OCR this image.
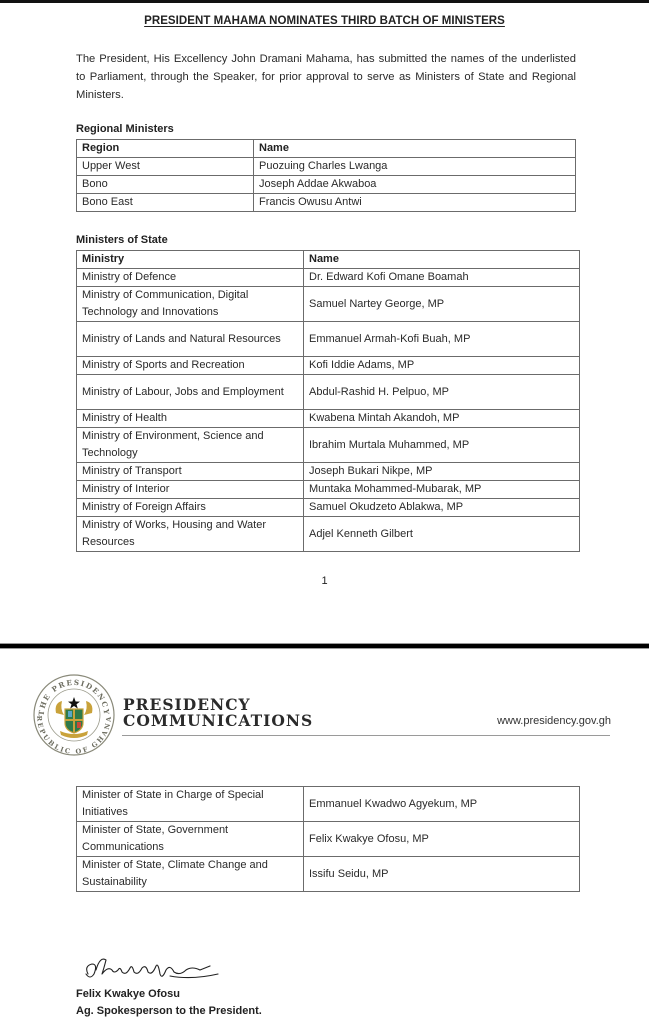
PRESIDENT MAHAMA NOMINATES THIRD BATCH OF MINISTERS

The President, His Excellency John Dramani Mahama, has submitted the names of the underlisted to Parliament, through the Speaker, for prior approval to serve as Ministers of State and Regional Ministers.

Regional Ministers
Region	Name
Upper West	Puozuing Charles Lwanga
Bono	Joseph Addae Akwaboa
Bono East	Francis Owusu Antwi
Ministers of State
Ministry	Name
Ministry of Defence	Dr. Edward Kofi Omane Boamah
Ministry of Communication, Digital Technology and Innovations	Samuel Nartey George, MP
Ministry of Lands and Natural Resources	Emmanuel Armah-Kofi Buah, MP
Ministry of Sports and Recreation	Kofi Iddie Adams, MP
Ministry of Labour, Jobs and Employment	Abdul-Rashid H. Pelpuo, MP
Ministry of Health	Kwabena Mintah Akandoh, MP
Ministry of Environment, Science and Technology	Ibrahim Murtala Muhammed, MP
Ministry of Transport	Joseph Bukari Nikpe, MP
Ministry of Interior	Muntaka Mohammed-Mubarak, MP
Ministry of Foreign Affairs	Samuel Okudzeto Ablakwa, MP
Ministry of Works, Housing and Water Resources	Adjel Kenneth Gilbert
1
THE PRESIDENCY
REPUBLIC OF GHANA
PRESIDENCY
COMMUNICATIONS	www.presidency.gov.gh
Minister of State in Charge of Special Initiatives	Emmanuel Kwadwo Agyekum, MP
Minister of State, Government Communications	Felix Kwakye Ofosu, MP
Minister of State, Climate Change and Sustainability	Issifu Seidu, MP
Felix Kwakye Ofosu
Ag. Spokesperson to the President.
